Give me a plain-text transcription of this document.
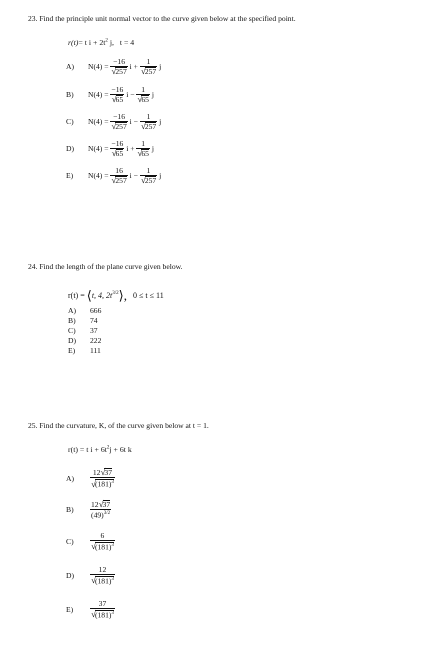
23. Find the principle unit normal vector to the curve given below at the specified point.
r(t)= t $i + 2t^2$ j, t = 4
A)	$N(4) = \frac{-16}{√257}$ $i + \frac{1}{√257}$ j
B)	$N(4) = \frac{-16}{√65}$ $i - \frac{1}{√65}$ j
C)	$N(4) = \frac{-16}{√257}$ $i - \frac{1}{√257}$ j
D)	$N(4) = \frac{-16}{√65}$ $i + \frac{1}{√65}$ j
E)	$N(4) = \frac{16}{√257}$ $i - \frac{1}{√257}$ j
24. Find the length of the plane curve given below.
r(t) = ⟨t, 4, $2t^{3/2}⟩$, 0 ≤ t ≤ 11
A)	666
B)	74
C)	37
D)	222
E)	111
25. Find the curvature, K, of the curve given below at t = 1.
r(t) = t $i + 6t^2j + 6t$ k
A)	$\frac{12√37}{√(181)^3}$
B)	$\frac{12√37}{(49)^{3/2}}$
C)	$\frac{6}{√(181)^3}$
D)	$\frac{12}{√(181)^3}$
E)	$\frac{37}{√(181)^3}$
